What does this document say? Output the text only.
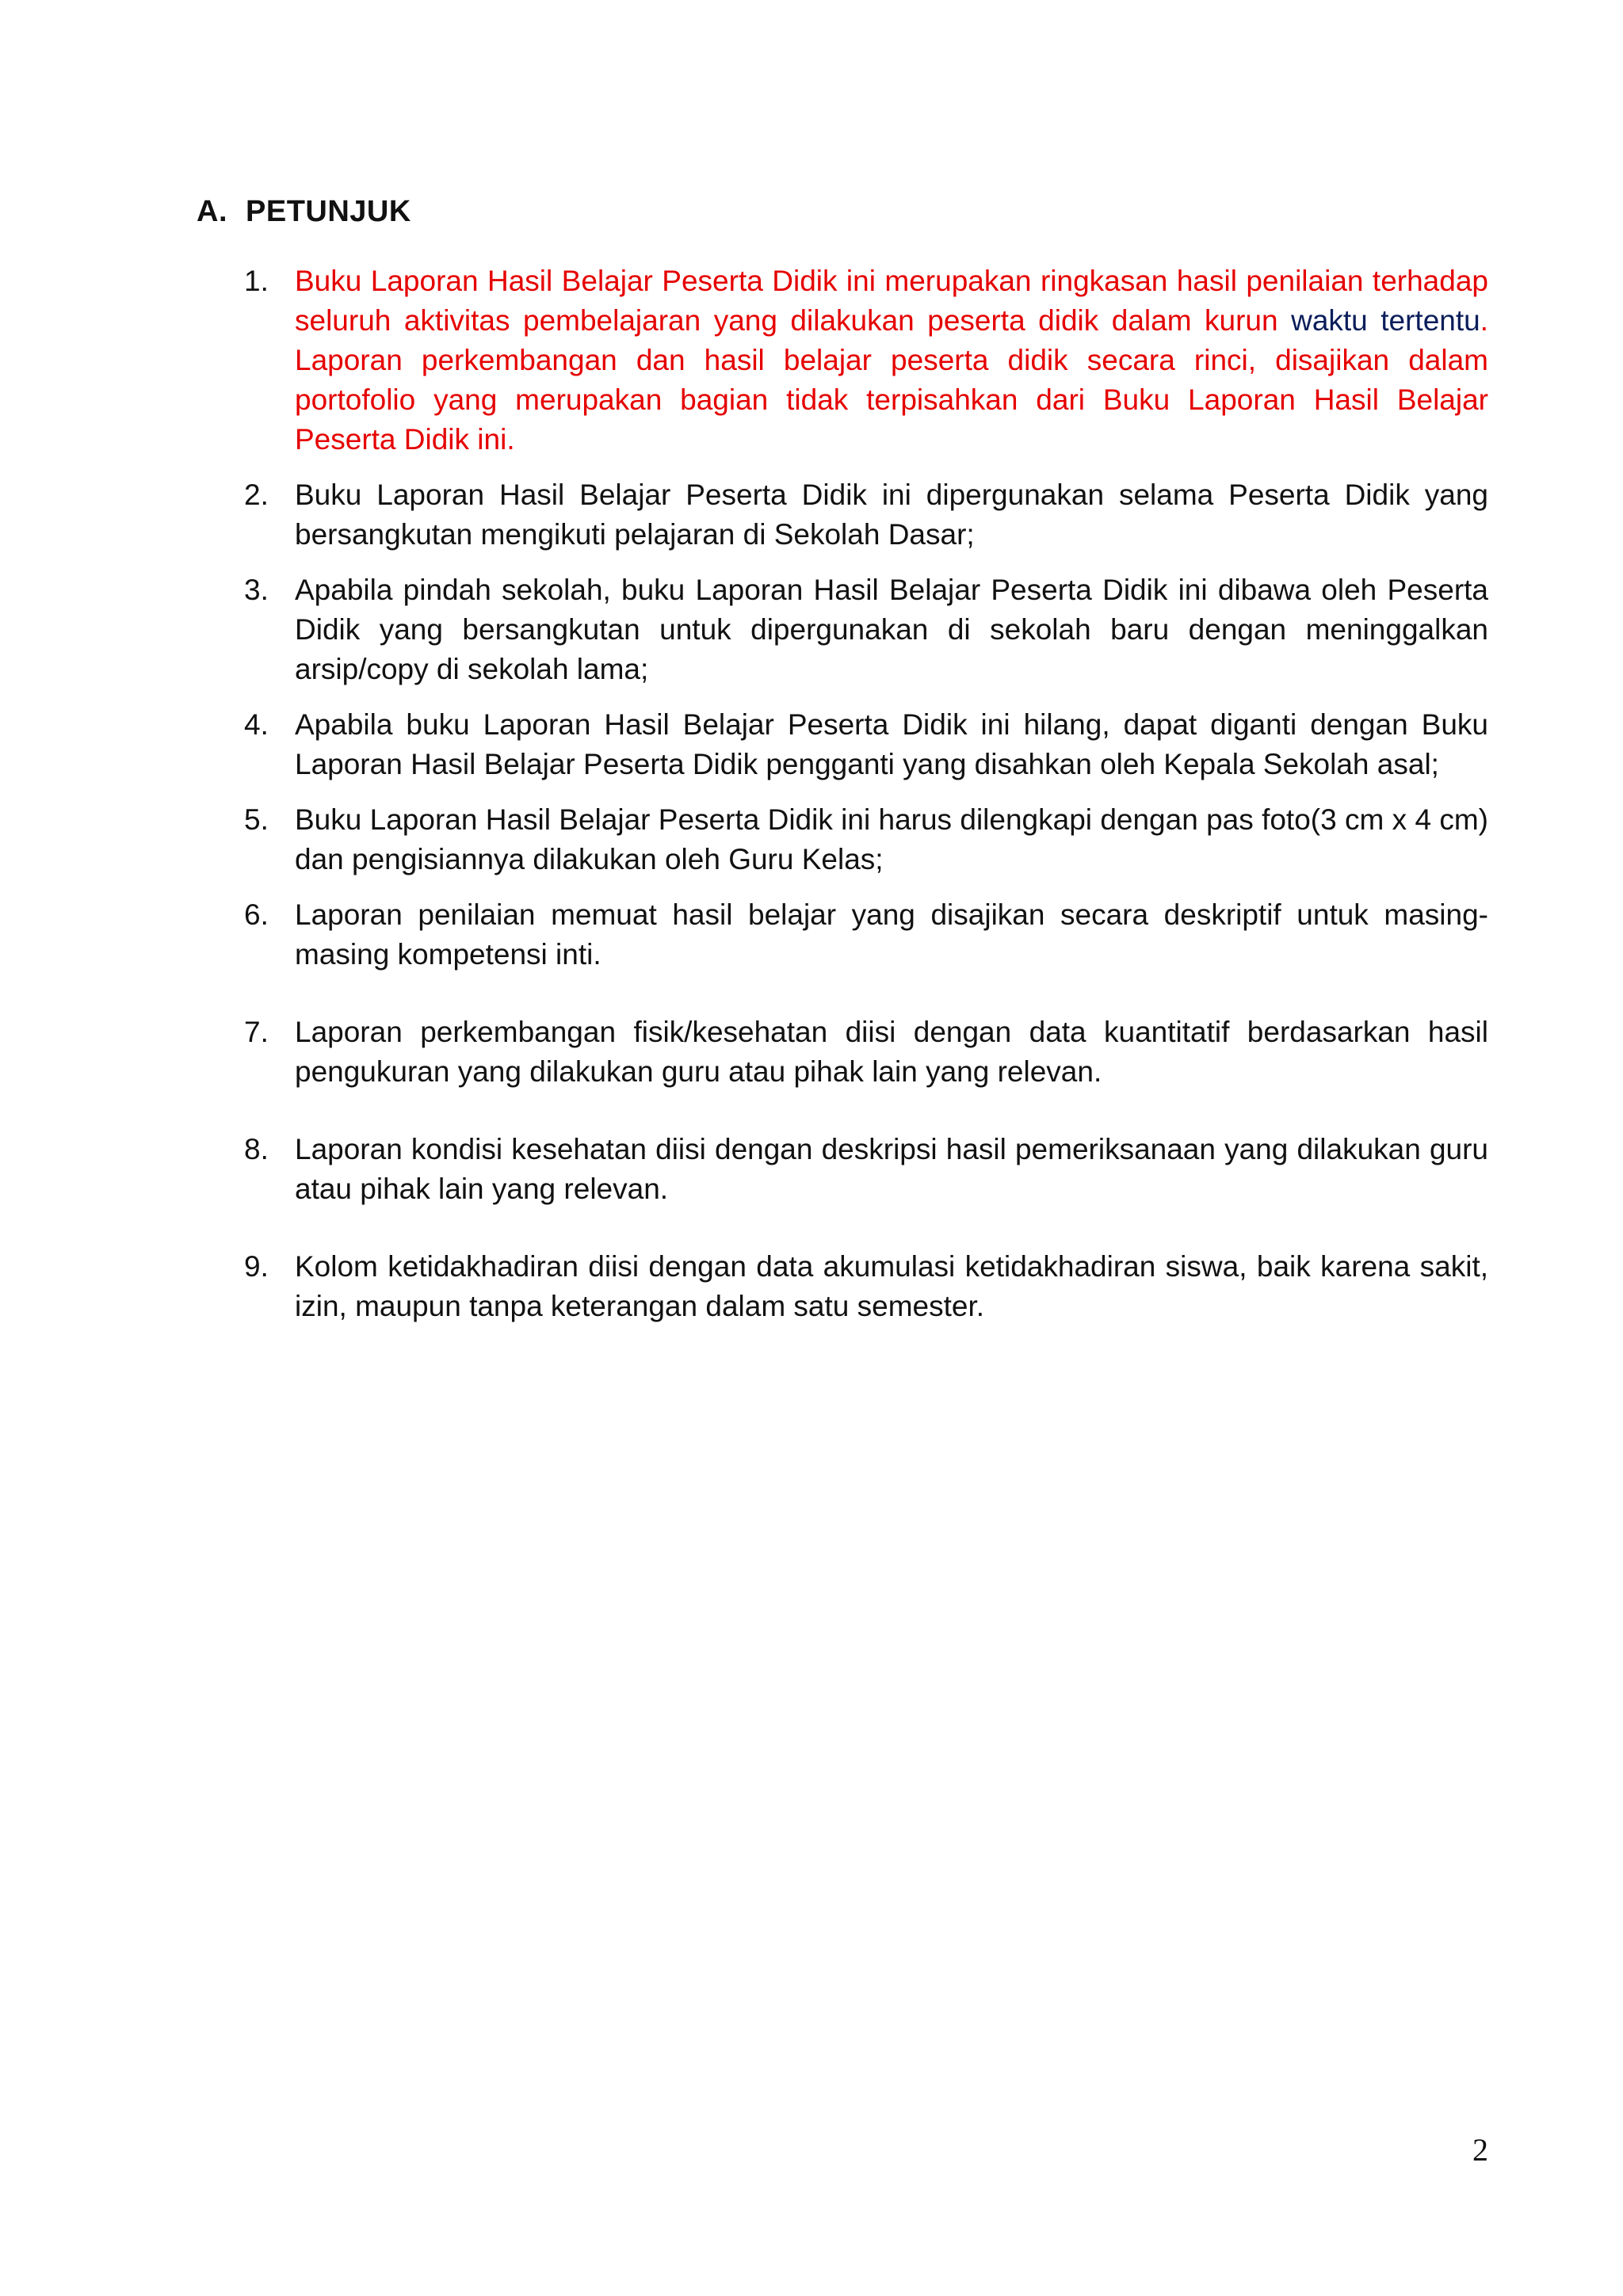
A. PETUNJUK
1. Buku Laporan Hasil Belajar Peserta Didik ini merupakan ringkasan hasil penilaian terhadap seluruh aktivitas pembelajaran yang dilakukan peserta didik dalam kurun waktu tertentu. Laporan perkembangan dan hasil belajar peserta didik secara rinci, disajikan dalam portofolio yang merupakan bagian tidak terpisahkan dari Buku Laporan Hasil Belajar Peserta Didik ini.
2. Buku Laporan Hasil Belajar Peserta Didik ini dipergunakan selama Peserta Didik yang bersangkutan mengikuti pelajaran di Sekolah Dasar;
3. Apabila pindah sekolah, buku Laporan Hasil Belajar Peserta Didik ini dibawa oleh Peserta Didik yang bersangkutan untuk dipergunakan di sekolah baru dengan meninggalkan arsip/copy di sekolah lama;
4. Apabila buku Laporan Hasil Belajar Peserta Didik ini hilang, dapat diganti dengan Buku Laporan Hasil Belajar Peserta Didik pengganti yang disahkan oleh Kepala Sekolah asal;
5. Buku Laporan Hasil Belajar Peserta Didik ini harus dilengkapi dengan pas foto(3 cm x 4 cm) dan pengisiannya dilakukan oleh Guru Kelas;
6. Laporan penilaian memuat hasil belajar yang disajikan secara deskriptif untuk masing-masing kompetensi inti.
7. Laporan perkembangan fisik/kesehatan diisi dengan data kuantitatif berdasarkan hasil pengukuran yang dilakukan guru atau pihak lain yang relevan.
8. Laporan kondisi kesehatan diisi dengan deskripsi hasil pemeriksanaan yang dilakukan guru atau pihak lain yang relevan.
9. Kolom ketidakhadiran diisi dengan data akumulasi ketidakhadiran siswa, baik karena sakit, izin, maupun tanpa keterangan dalam satu semester.
2
